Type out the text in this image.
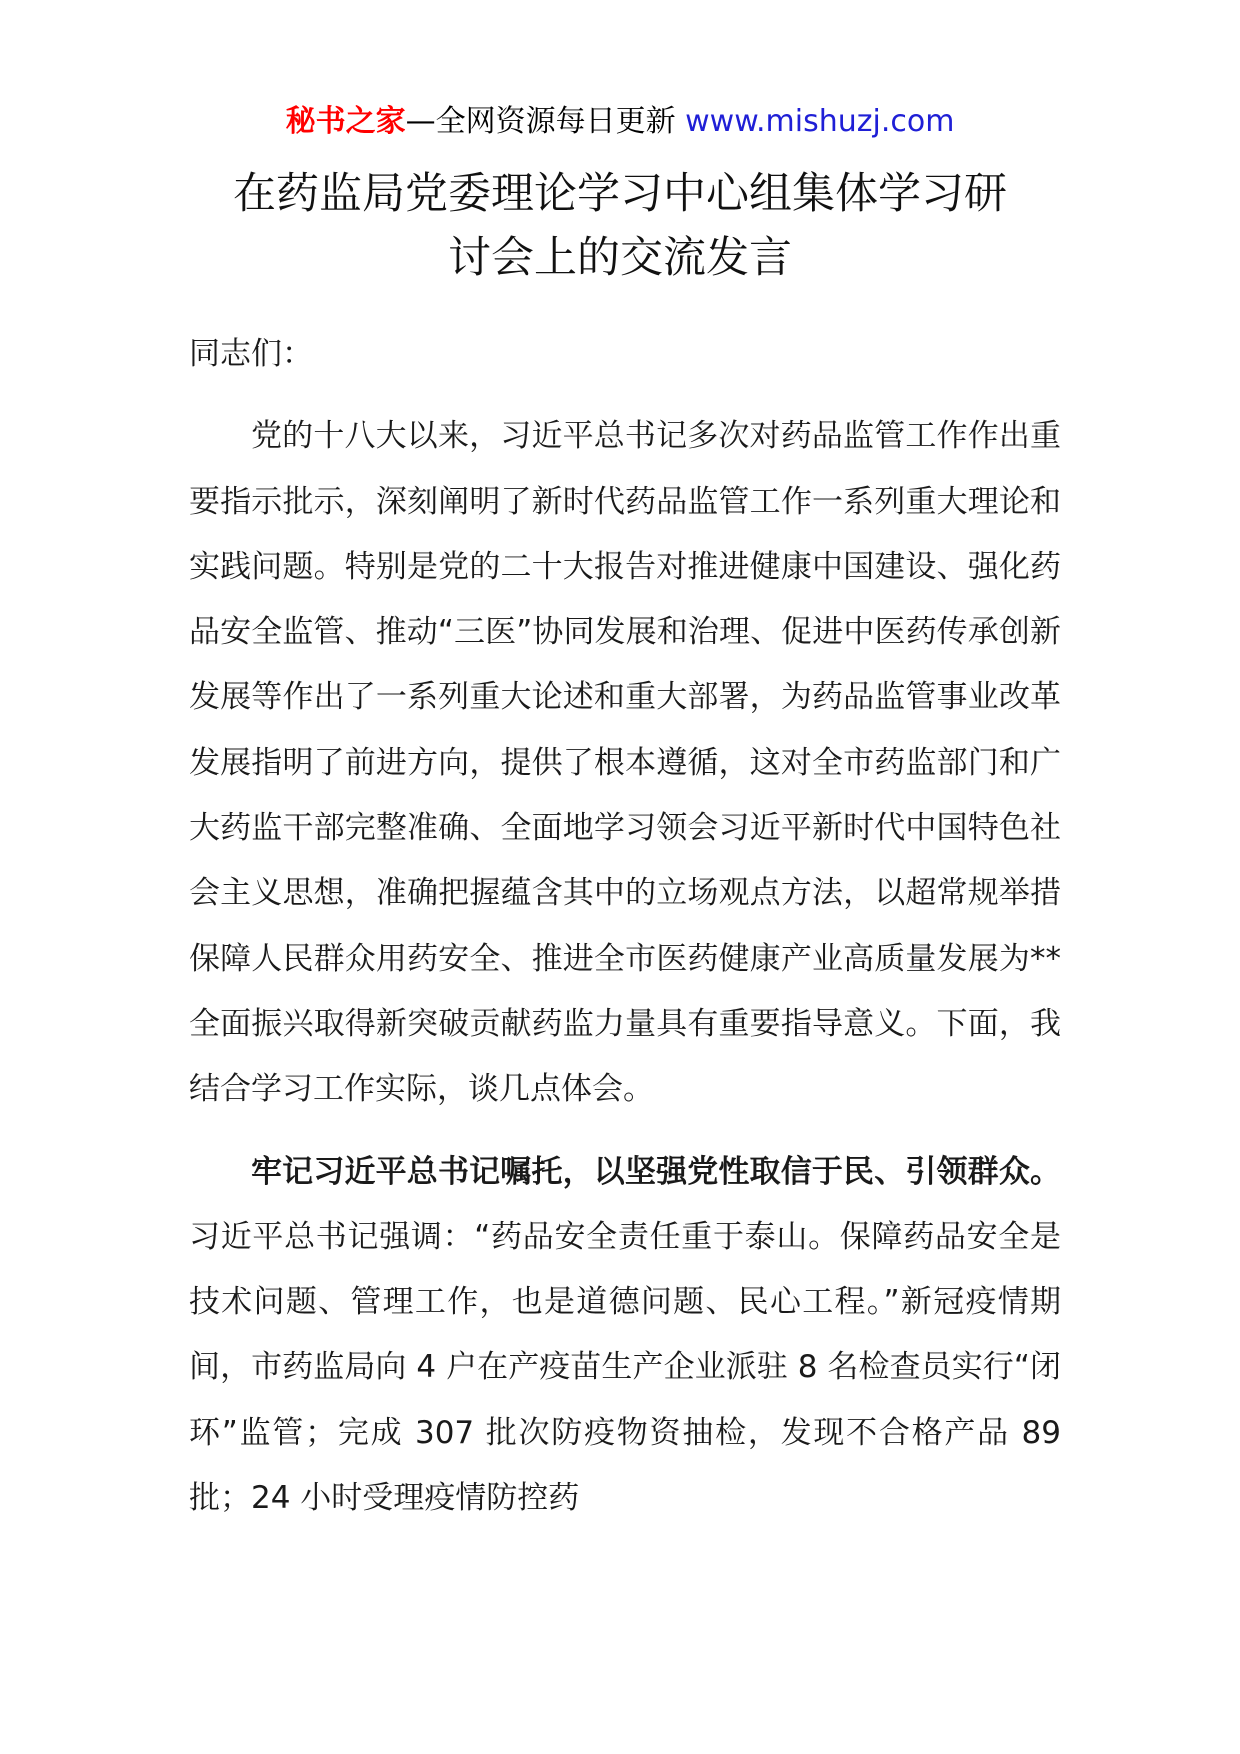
秘书之家—全网资源每日更新 www.mishuzj.com
在药监局党委理论学习中心组集体学习研
讨会上的交流发言

同志们：

党的十八大以来，习近平总书记多次对药品监管工作作出重要指示批示，深刻阐明了新时代药品监管工作一系列重大理论和实践问题。特别是党的二十大报告对推进健康中国建设、强化药品安全监管、推动“三医”协同发展和治理、促进中医药传承创新发展等作出了一系列重大论述和重大部署，为药品监管事业改革发展指明了前进方向，提供了根本遵循，这对全市药监部门和广大药监干部完整准确、全面地学习领会习近平新时代中国特色社会主义思想，准确把握蕴含其中的立场观点方法，以超常规举措保障人民群众用药安全、推进全市医药健康产业高质量发展为**全面振兴取得新突破贡献药监力量具有重要指导意义。下面，我结合学习工作实际，谈几点体会。

牢记习近平总书记嘱托，以坚强党性取信于民、引领群众。习近平总书记强调：“药品安全责任重于泰山。保障药品安全是技术问题、管理工作，也是道德问题、民心工程。”新冠疫情期间，市药监局向 4 户在产疫苗生产企业派驻 8 名检查员实行“闭环”监管；完成 307 批次防疫物资抽检，发现不合格产品 89 批；24 小时受理疫情防控药
